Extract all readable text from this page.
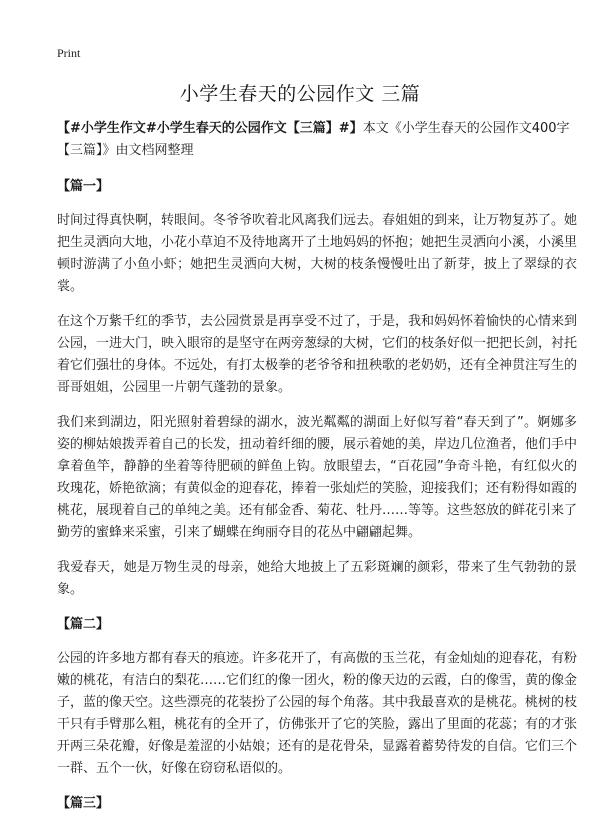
Print
小学生春天的公园作文 三篇

【#小学生作文#小学生春天的公园作文【三篇】#】本文《小学生春天的公园作文400字【三篇】》由文档网整理

【篇一】

时间过得真快啊，转眼间。冬爷爷吹着北风离我们远去。春姐姐的到来，让万物复苏了。她把生灵洒向大地，小花小草迫不及待地离开了土地妈妈的怀抱；她把生灵洒向小溪，小溪里顿时游满了小鱼小虾；她把生灵洒向大树，大树的枝条慢慢吐出了新芽，披上了翠绿的衣裳。

在这个万紫千红的季节，去公园赏景是再享受不过了，于是，我和妈妈怀着愉快的心情来到公园，一进大门，映入眼帘的是坚守在两旁葱绿的大树，它们的枝条好似一把把长剑，衬托着它们强壮的身体。不远处，有打太极拳的老爷爷和扭秧歌的老奶奶，还有全神贯注写生的哥哥姐姐，公园里一片朝气蓬勃的景象。

我们来到湖边，阳光照射着碧绿的湖水，波光粼粼的湖面上好似写着“春天到了”。婀娜多姿的柳姑娘拨弄着自己的长发，扭动着纤细的腰，展示着她的美，岸边几位渔者，他们手中拿着鱼竿，静静的坐着等待肥硕的鲜鱼上钩。放眼望去，“百花园”争奇斗艳，有红似火的玫瑰花，娇艳欲滴；有黄似金的迎春花，捧着一张灿烂的笑脸，迎接我们；还有粉得如霞的桃花，展现着自己的单纯之美。还有郁金香、菊花、牡丹……等等。这些怒放的鲜花引来了勤劳的蜜蜂来采蜜，引来了蝴蝶在绚丽夺目的花丛中翩翩起舞。

我爱春天，她是万物生灵的母亲，她给大地披上了五彩斑斓的颜彩，带来了生气勃勃的景象。

【篇二】

公园的许多地方都有春天的痕迹。许多花开了，有高傲的玉兰花，有金灿灿的迎春花，有粉嫩的桃花，有洁白的梨花……它们红的像一团火，粉的像天边的云霞，白的像雪，黄的像金子，蓝的像天空。这些漂亮的花装扮了公园的每个角落。其中我最喜欢的是桃花。桃树的枝干只有手臂那么粗，桃花有的全开了，仿佛张开了它的笑脸，露出了里面的花蕊；有的才张开两三朵花瓣，好像是羞涩的小姑娘；还有的是花骨朵，显露着蓄势待发的自信。它们三个一群、五个一伙，好像在窃窃私语似的。

【篇三】
